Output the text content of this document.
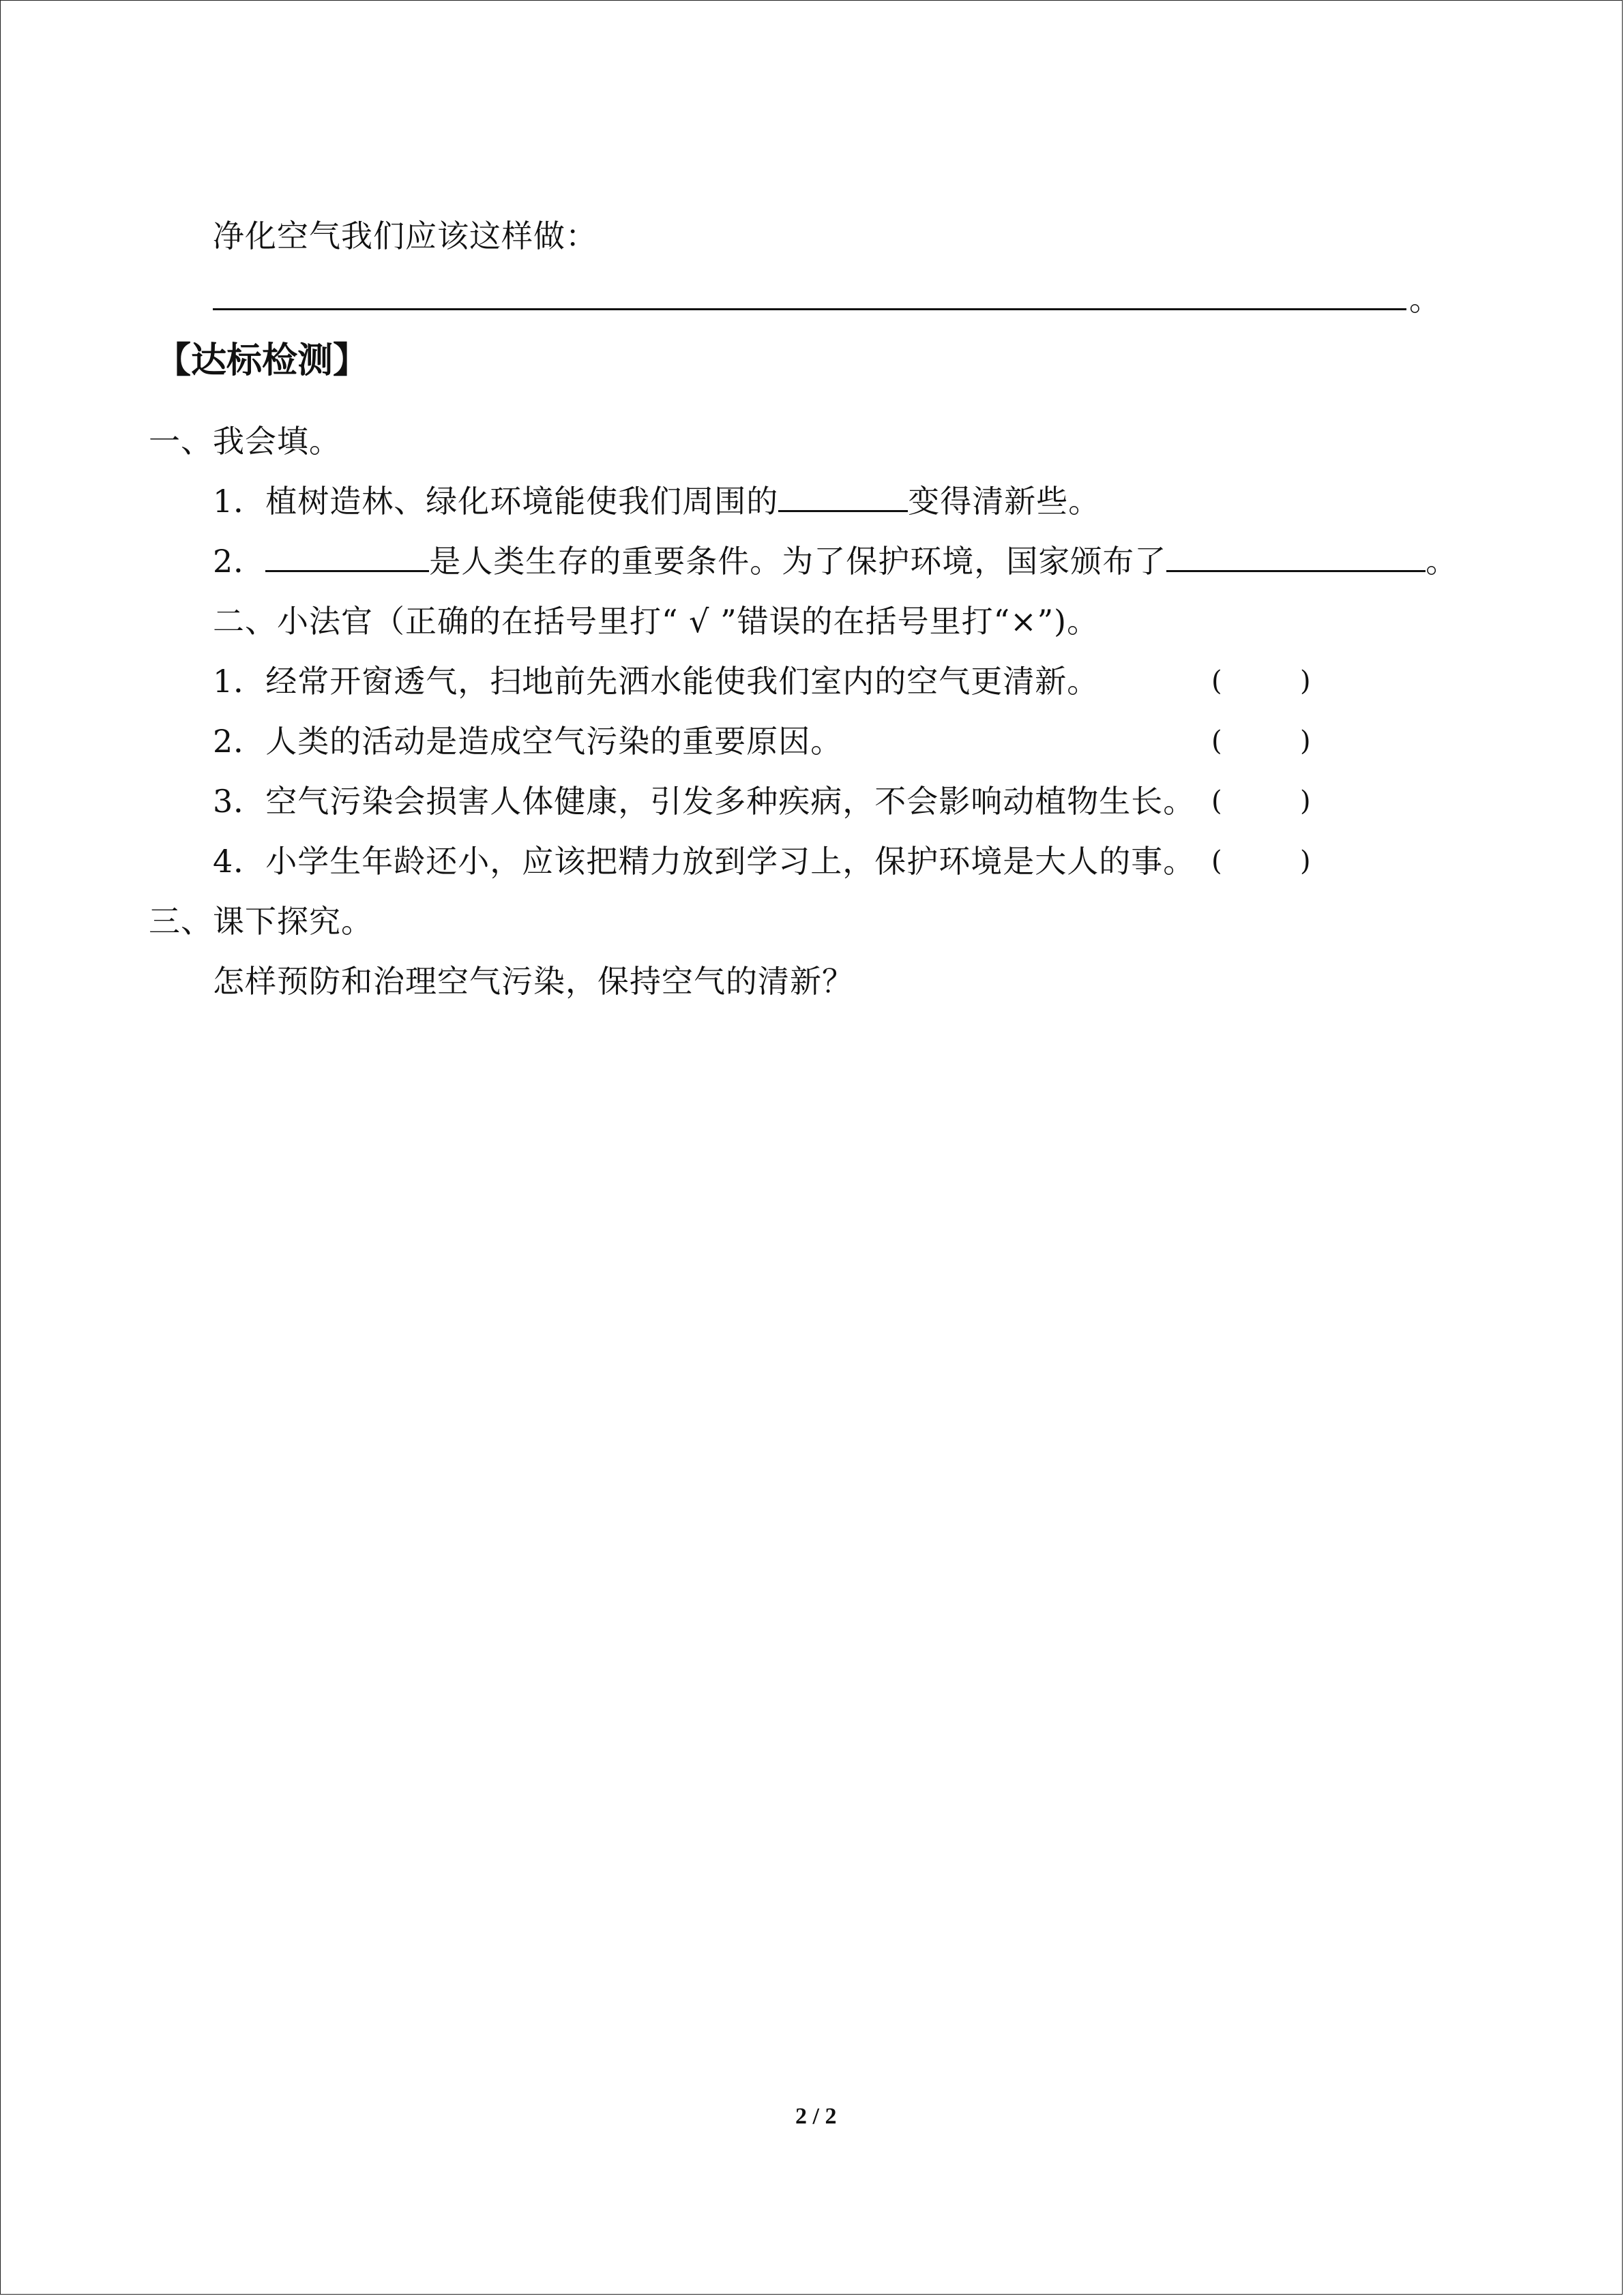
净化空气我们应该这样做：
。
【达标检测】
一、我会填。
1．植树造林、绿化环境能使我们周围的	变得清新些。
2．	是人类生存的重要条件。为了保护环境，国家颁布了	。
二、小法官（正确的在括号里打“ √ ”错误的在括号里打“×”)。
1．经常开窗透气，扫地前先洒水能使我们室内的空气更清新。	(         )
2．人类的活动是造成空气污染的重要原因。	(         )
3．空气污染会损害人体健康，引发多种疾病，不会影响动植物生长。 (         )
4．小学生年龄还小，应该把精力放到学习上，保护环境是大人的事。 (         )
三、课下探究。
怎样预防和治理空气污染，保持空气的清新？
2 / 2
